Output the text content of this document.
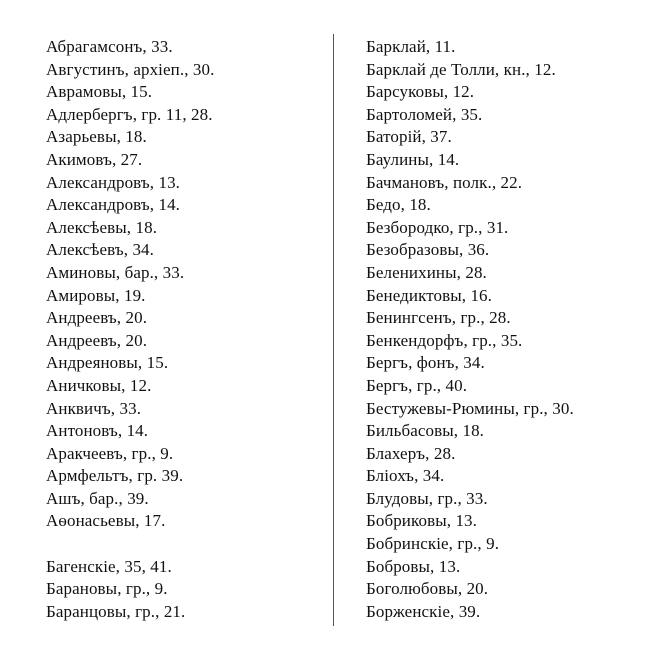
Абрагамсонъ, 33.
Августинъ, архiеп., 30.
Аврамовы, 15.
Адлербергъ, гр. 11, 28.
Азарьевы, 18.
Акимовъ, 27.
Александровъ, 13.
Александровъ, 14.
Алексѣевы, 18.
Алексѣевъ, 34.
Аминовы, бар., 33.
Амировы, 19.
Андреевъ, 20.
Андреевъ, 20.
Андреяновы, 15.
Аничковы, 12.
Анквичъ, 33.
Антоновъ, 14.
Аракчеевъ, гр., 9.
Армфельтъ, гр. 39.
Ашъ, бар., 39.
Аѳонасьевы, 17.
Багенскіе, 35, 41.
Барановы, гр., 9.
Баранцовы, гр., 21.
Барклай, 11.
Барклай де Толли, кн., 12.
Барсуковы, 12.
Бартоломей, 35.
Баторій, 37.
Баулины, 14.
Бачмановъ, полк., 22.
Бедо, 18.
Безбородко, гр., 31.
Безобразовы, 36.
Беленихины, 28.
Бенедиктовы, 16.
Бенингсенъ, гр., 28.
Бенкендорфъ, гр., 35.
Бергъ, фонъ, 34.
Бергъ, гр., 40.
Бестужевы-Рюмины, гр., 30.
Бильбасовы, 18.
Блахеръ, 28.
Бліохъ, 34.
Блудовы, гр., 33.
Бобриковы, 13.
Бобринскіе, гр., 9.
Бобровы, 13.
Боголюбовы, 20.
Борженскіе, 39.
